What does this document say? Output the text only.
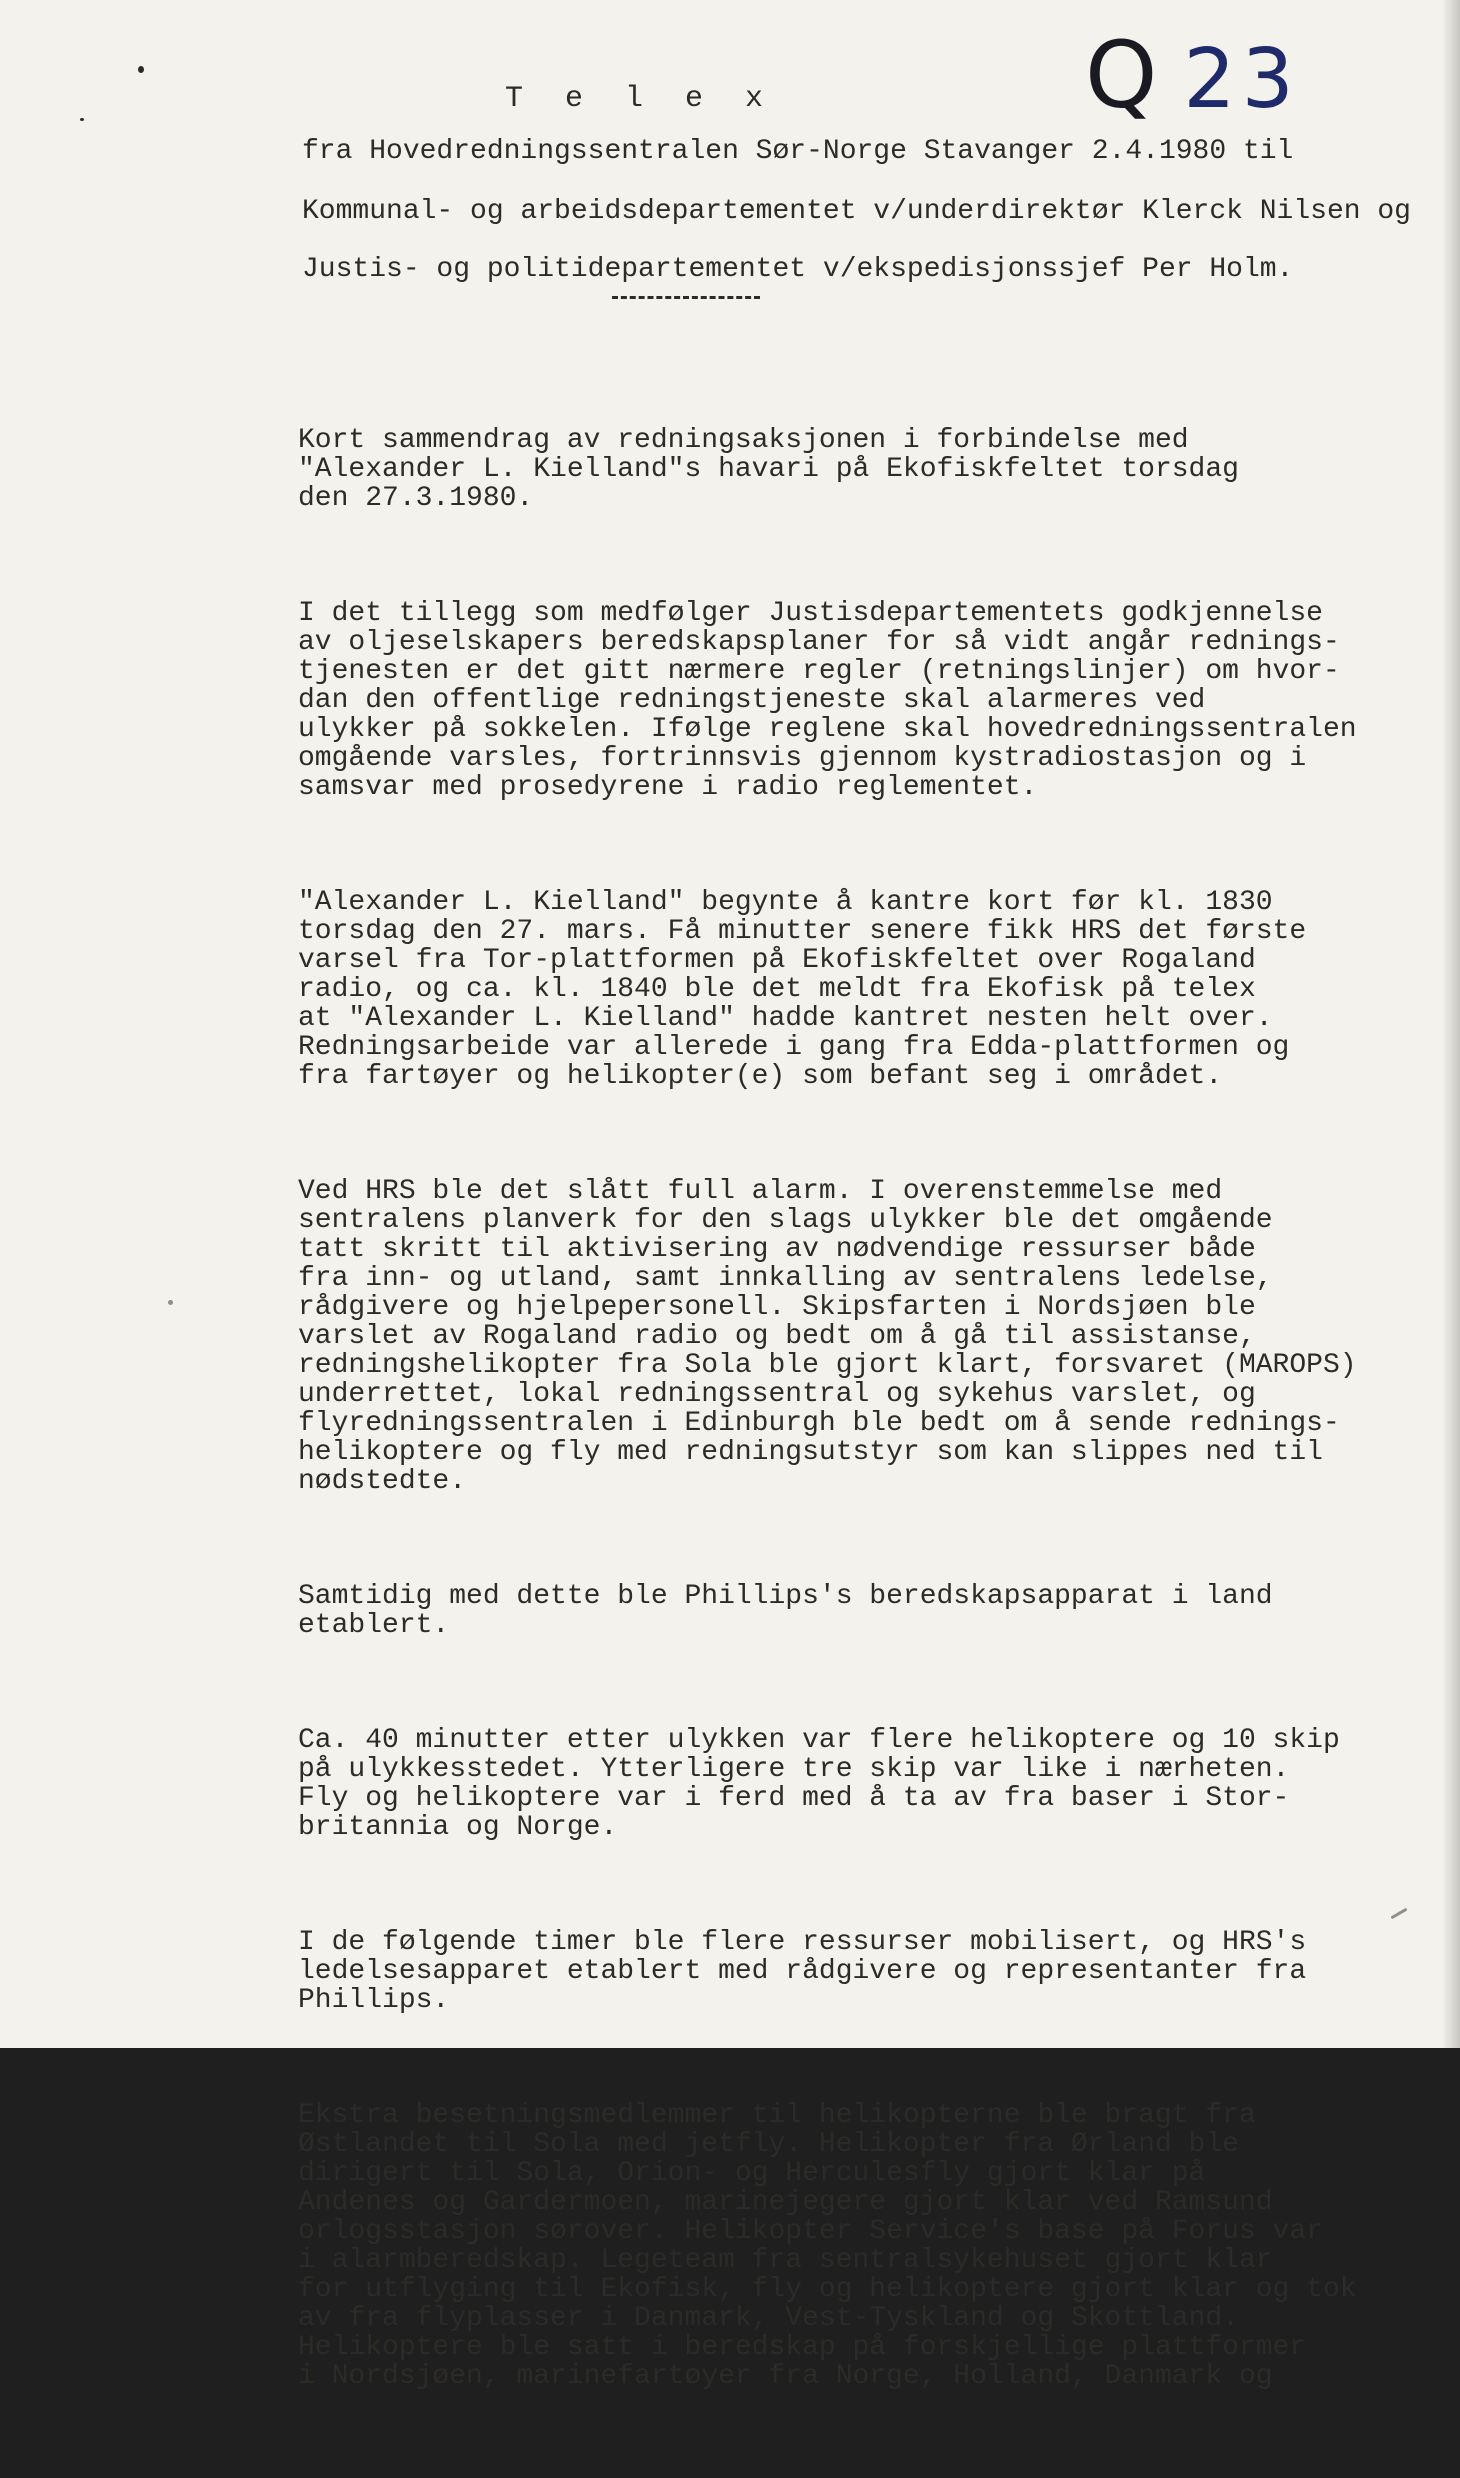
Q 23
T e l e x
fra Hovedredningssentralen Sør-Norge Stavanger 2.4.1980 til
Kommunal- og arbeidsdepartementet v/underdirektør Klerck Nilsen og
Justis- og politidepartementet v/ekspedisjonssjef Per Holm.

Kort sammendrag av redningsaksjonen i forbindelse med
"Alexander L. Kielland"s havari på Ekofiskfeltet torsdag
den 27.3.1980.

I det tillegg som medfølger Justisdepartementets godkjennelse
av oljeselskapers beredskapsplaner for så vidt angår rednings-
tjenesten er det gitt nærmere regler (retningslinjer) om hvor-
dan den offentlige redningstjeneste skal alarmeres ved
ulykker på sokkelen. Ifølge reglene skal hovedredningssentralen
omgående varsles, fortrinnsvis gjennom kystradiostasjon og i
samsvar med prosedyrene i radio reglementet.

"Alexander L. Kielland" begynte å kantre kort før kl. 1830
torsdag den 27. mars. Få minutter senere fikk HRS det første
varsel fra Tor-plattformen på Ekofiskfeltet over Rogaland
radio, og ca. kl. 1840 ble det meldt fra Ekofisk på telex
at "Alexander L. Kielland" hadde kantret nesten helt over.
Redningsarbeide var allerede i gang fra Edda-plattformen og
fra fartøyer og helikopter(e) som befant seg i området.

Ved HRS ble det slått full alarm. I overenstemmelse med
sentralens planverk for den slags ulykker ble det omgående
tatt skritt til aktivisering av nødvendige ressurser både
fra inn- og utland, samt innkalling av sentralens ledelse,
rådgivere og hjelpepersonell. Skipsfarten i Nordsjøen ble
varslet av Rogaland radio og bedt om å gå til assistanse,
redningshelikopter fra Sola ble gjort klart, forsvaret (MAROPS)
underrettet, lokal redningssentral og sykehus varslet, og
flyredningssentralen i Edinburgh ble bedt om å sende rednings-
helikoptere og fly med redningsutstyr som kan slippes ned til
nødstedte.

Samtidig med dette ble Phillips's beredskapsapparat i land
etablert.

Ca. 40 minutter etter ulykken var flere helikoptere og 10 skip
på ulykkesstedet. Ytterligere tre skip var like i nærheten.
Fly og helikoptere var i ferd med å ta av fra baser i Stor-
britannia og Norge.

I de følgende timer ble flere ressurser mobilisert, og HRS's
ledelsesapparet etablert med rådgivere og representanter fra
Phillips.

Ekstra besetningsmedlemmer til helikopterne ble bragt fra
Østlandet til Sola med jetfly. Helikopter fra Ørland ble
dirigert til Sola, Orion- og Herculesfly gjort klar på
Andenes og Gardermoen, marinejegere gjort klar ved Ramsund
orlogsstasjon sørover. Helikopter Service's base på Forus var
i alarmberedskap. Legeteam fra sentralsykehuset gjort klar
for utflyging til Ekofisk, fly og helikoptere gjort klar og tok
av fra flyplasser i Danmark, Vest-Tyskland og Skottland.
Helikoptere ble satt i beredskap på forskjellige plattformer
i Nordsjøen, marinefartøyer fra Norge, Holland, Danmark og
